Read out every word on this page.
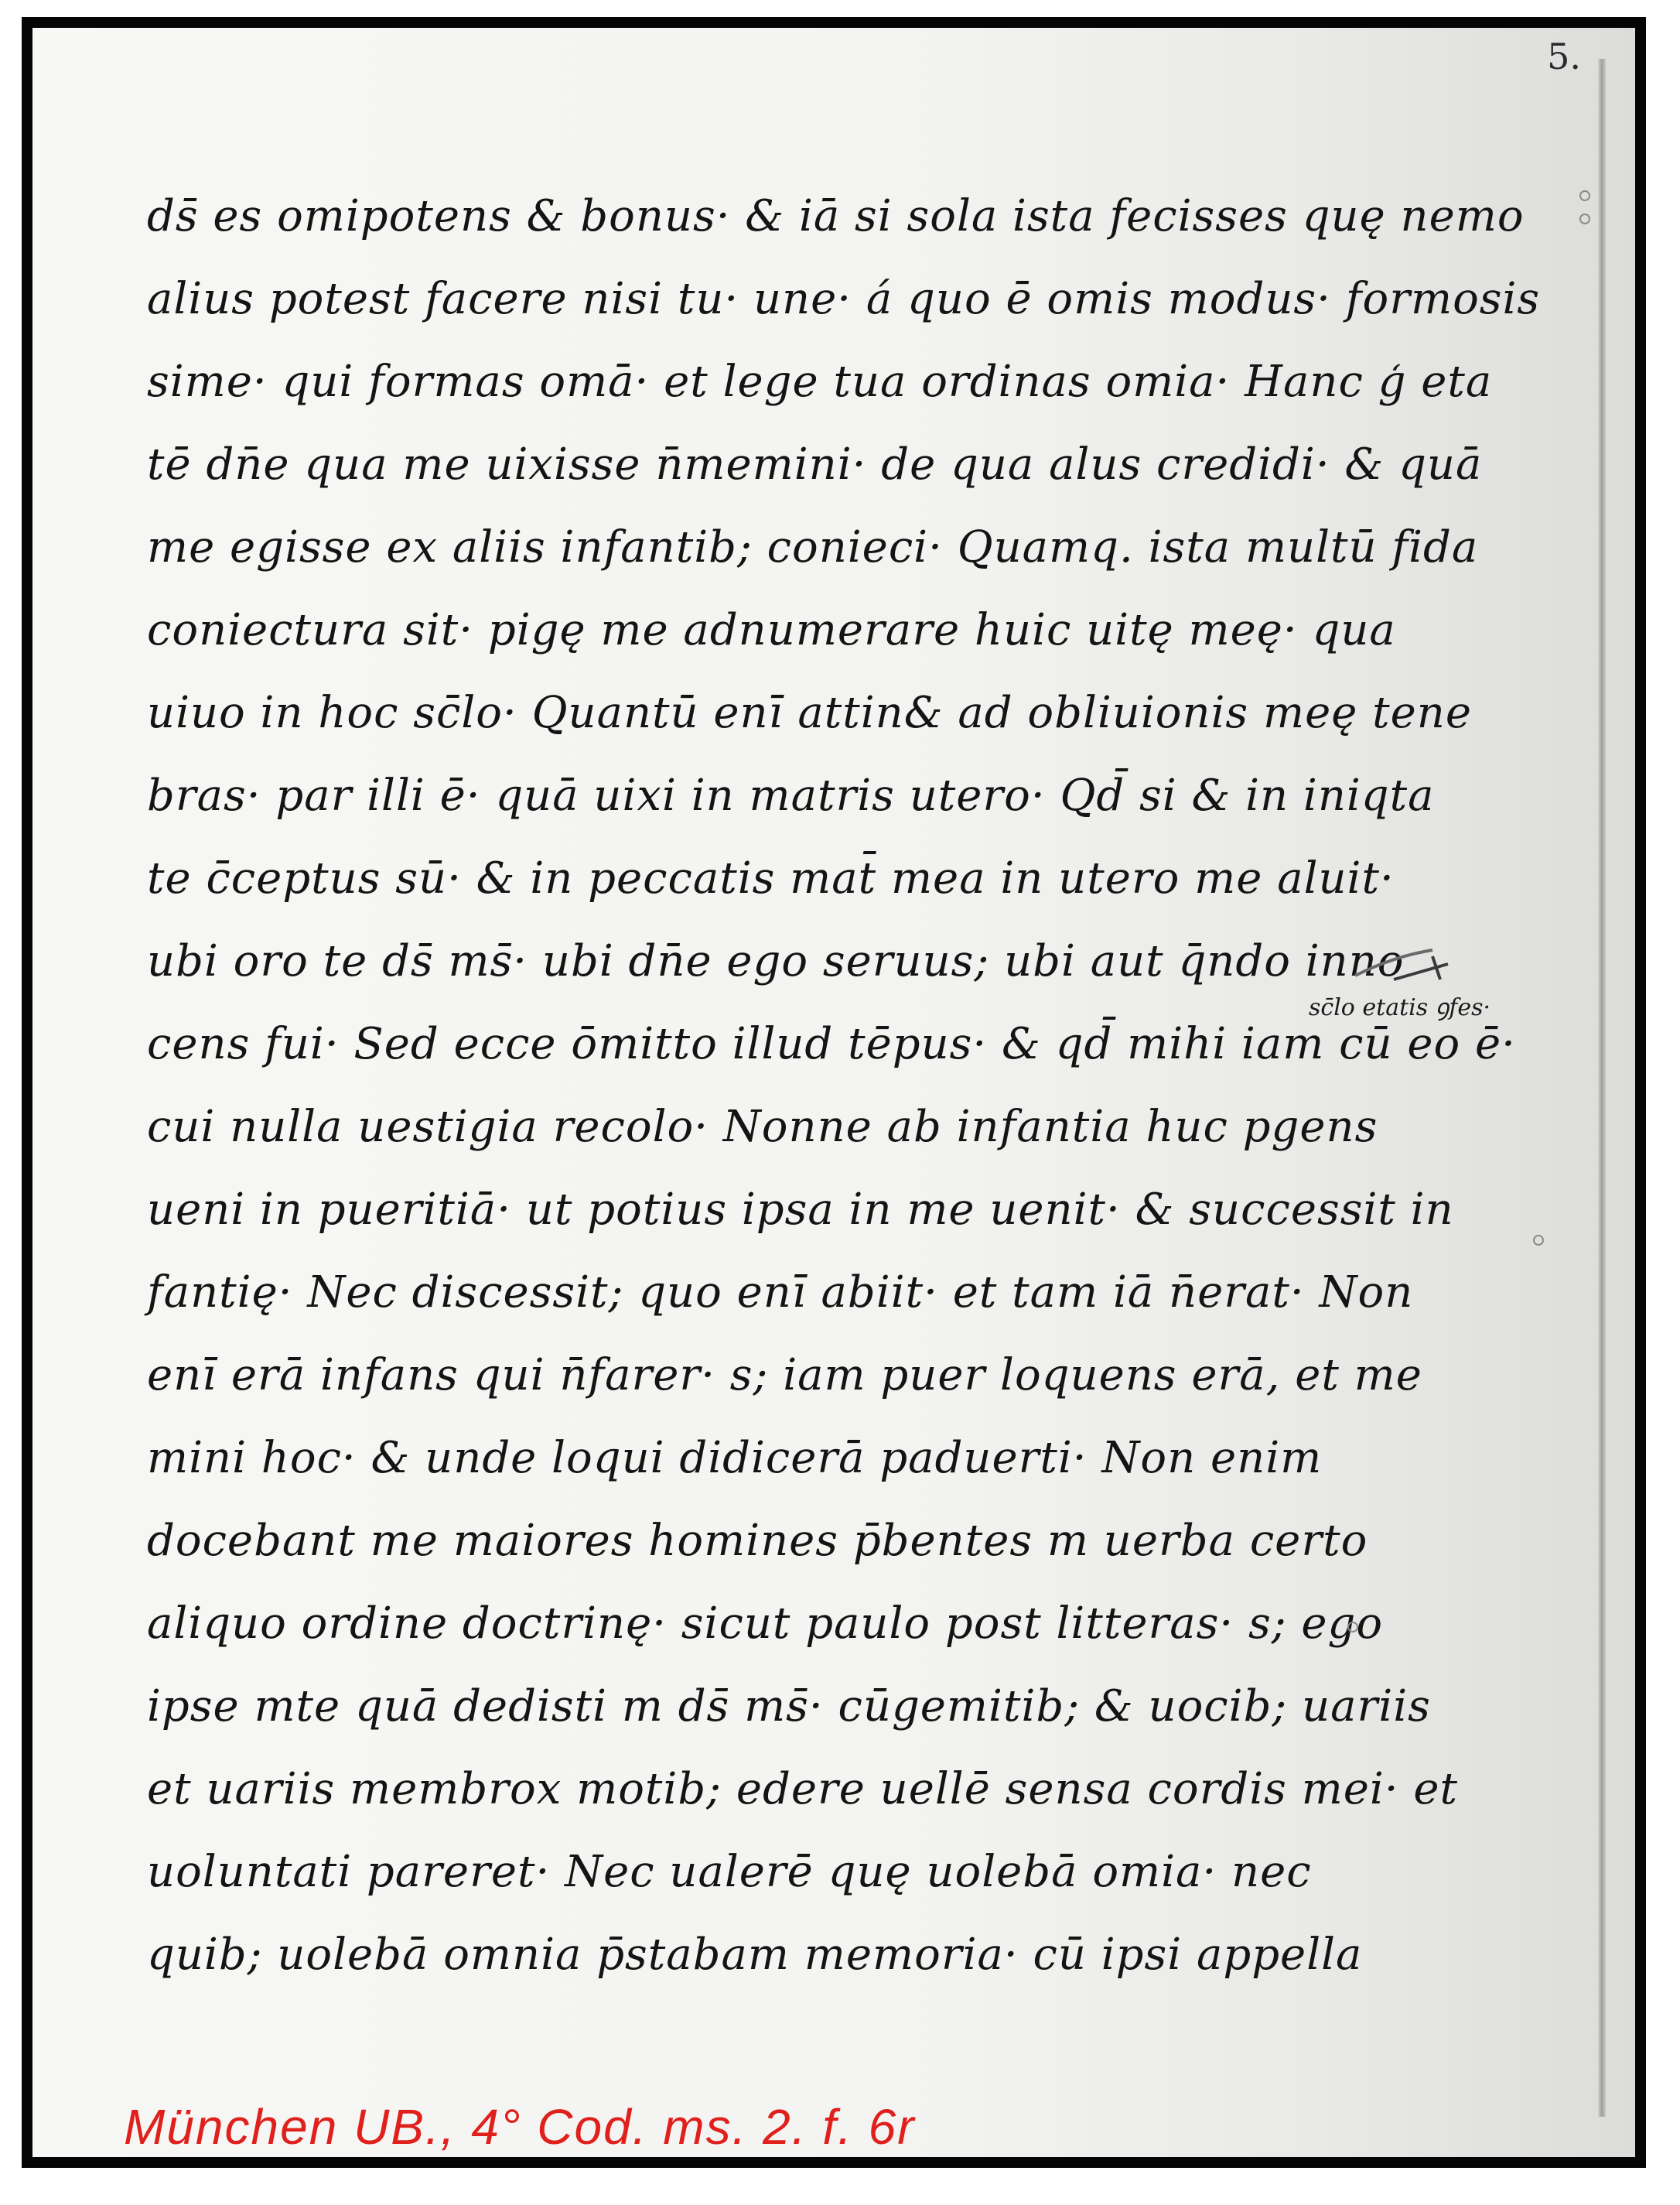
5.
ds̄ es omipotens & bonus· & iā si sola ista fecisses quę nemo
alius potest facere nisi tu· une· á quo ē omis modus· formosis
sime· qui formas omā· et lege tua ordinas omia· Hanc ģ eta
tē dn̄e qua me uixisse n̄memini· de qua alus credidi· & quā
me egisse ex aliis infantib; conieci· Quamq. ista multū fida
coniectura sit· pigę me adnumerare huic uitę meę· qua
uiuo in hoc sc̄lo· Quantū enī attin& ad obliuionis meę tene
bras· par illi ē· quā uixi in matris utero· Qd̄ si & in iniqta
te c̄ceptus sū· & in peccatis mat̄ mea in utero me aluit·
ubi oro te ds̄ ms̄· ubi dn̄e ego seruus; ubi aut q̄ndo inno
cens fui· Sed ecce ōmitto illud tēpus· & qd̄ mihi iam cū eo ē·
cui nulla uestigia recolo· Nonne ab infantia huc pgens
ueni in pueritiā· ut potius ipsa in me uenit· & successit in
fantię· Nec discessit; quo enī abiit· et tam iā n̄erat· Non
enī erā infans qui n̄farer· s; iam puer loquens erā, et me
mini hoc· & unde loqui didicerā paduerti· Non enim
docebant me maiores homines p̄bentes m uerba certo
aliquo ordine doctrinę· sicut paulo post litteras· s; ego
ipse mte quā dedisti m ds̄ ms̄· cūgemitib; & uocib; uariis
et uariis membrox motib; edere uellē sensa cordis mei· et
uoluntati pareret· Nec ualerē quę uolebā omia· nec
quib; uolebā omnia p̄stabam memoria· cū ipsi appella
sc̄lo etatis ꝯfes·
München UB., 4° Cod. ms. 2. f. 6r
